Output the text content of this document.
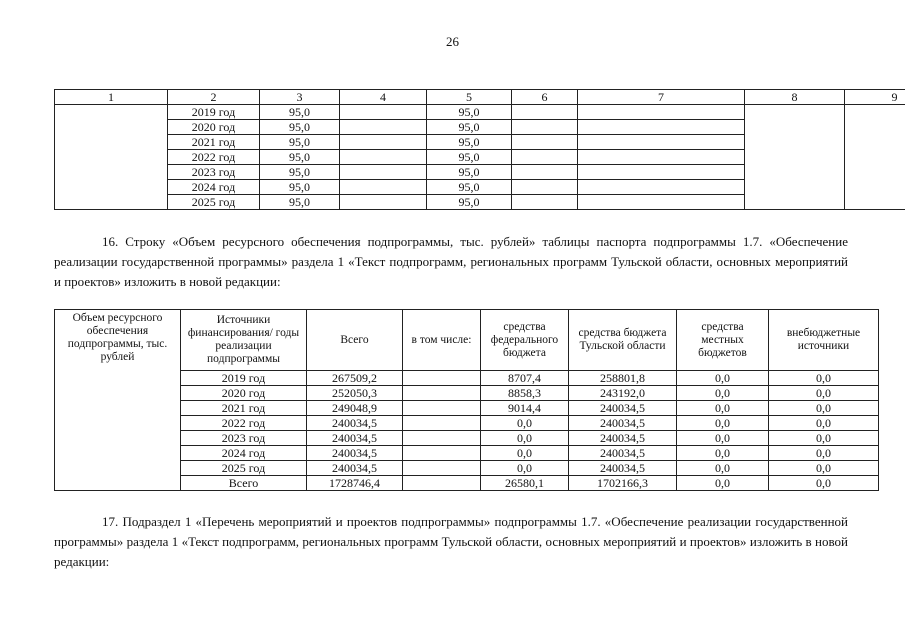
26
1	2	3	4	5	6	7	8	9
	2019 год	95,0		95,0				
	2020 год	95,0		95,0				
	2021 год	95,0		95,0				
	2022 год	95,0		95,0				
	2023 год	95,0		95,0				
	2024 год	95,0		95,0				
	2025 год	95,0		95,0				
16. Строку «Объем ресурсного обеспечения подпрограммы, тыс. рублей» таблицы паспорта подпрограммы 1.7. «Обеспечение реализации государственной программы» раздела 1 «Текст подпрограмм, региональных программ Тульской области, основных мероприятий и проектов» изложить в новой редакции:
Объем ресурсного обеспечения подпрограммы, тыс. рублей	Источники финансирования/ годы реализации подпрограммы	Всего	в том числе:	средства федерального бюджета	средства бюджета Тульской области	средства местных бюджетов	внебюджетные источники
	2019 год	267509,2		8707,4	258801,8	0,0	0,0
	2020 год	252050,3		8858,3	243192,0	0,0	0,0
	2021 год	249048,9		9014,4	240034,5	0,0	0,0
	2022 год	240034,5		0,0	240034,5	0,0	0,0
	2023 год	240034,5		0,0	240034,5	0,0	0,0
	2024 год	240034,5		0,0	240034,5	0,0	0,0
	2025 год	240034,5		0,0	240034,5	0,0	0,0
	Всего	1728746,4		26580,1	1702166,3	0,0	0,0
17. Подраздел 1 «Перечень мероприятий и проектов подпрограммы» подпрограммы 1.7. «Обеспечение реализации государственной программы» раздела 1 «Текст подпрограмм, региональных программ Тульской области, основных мероприятий и проектов» изложить в новой редакции:
